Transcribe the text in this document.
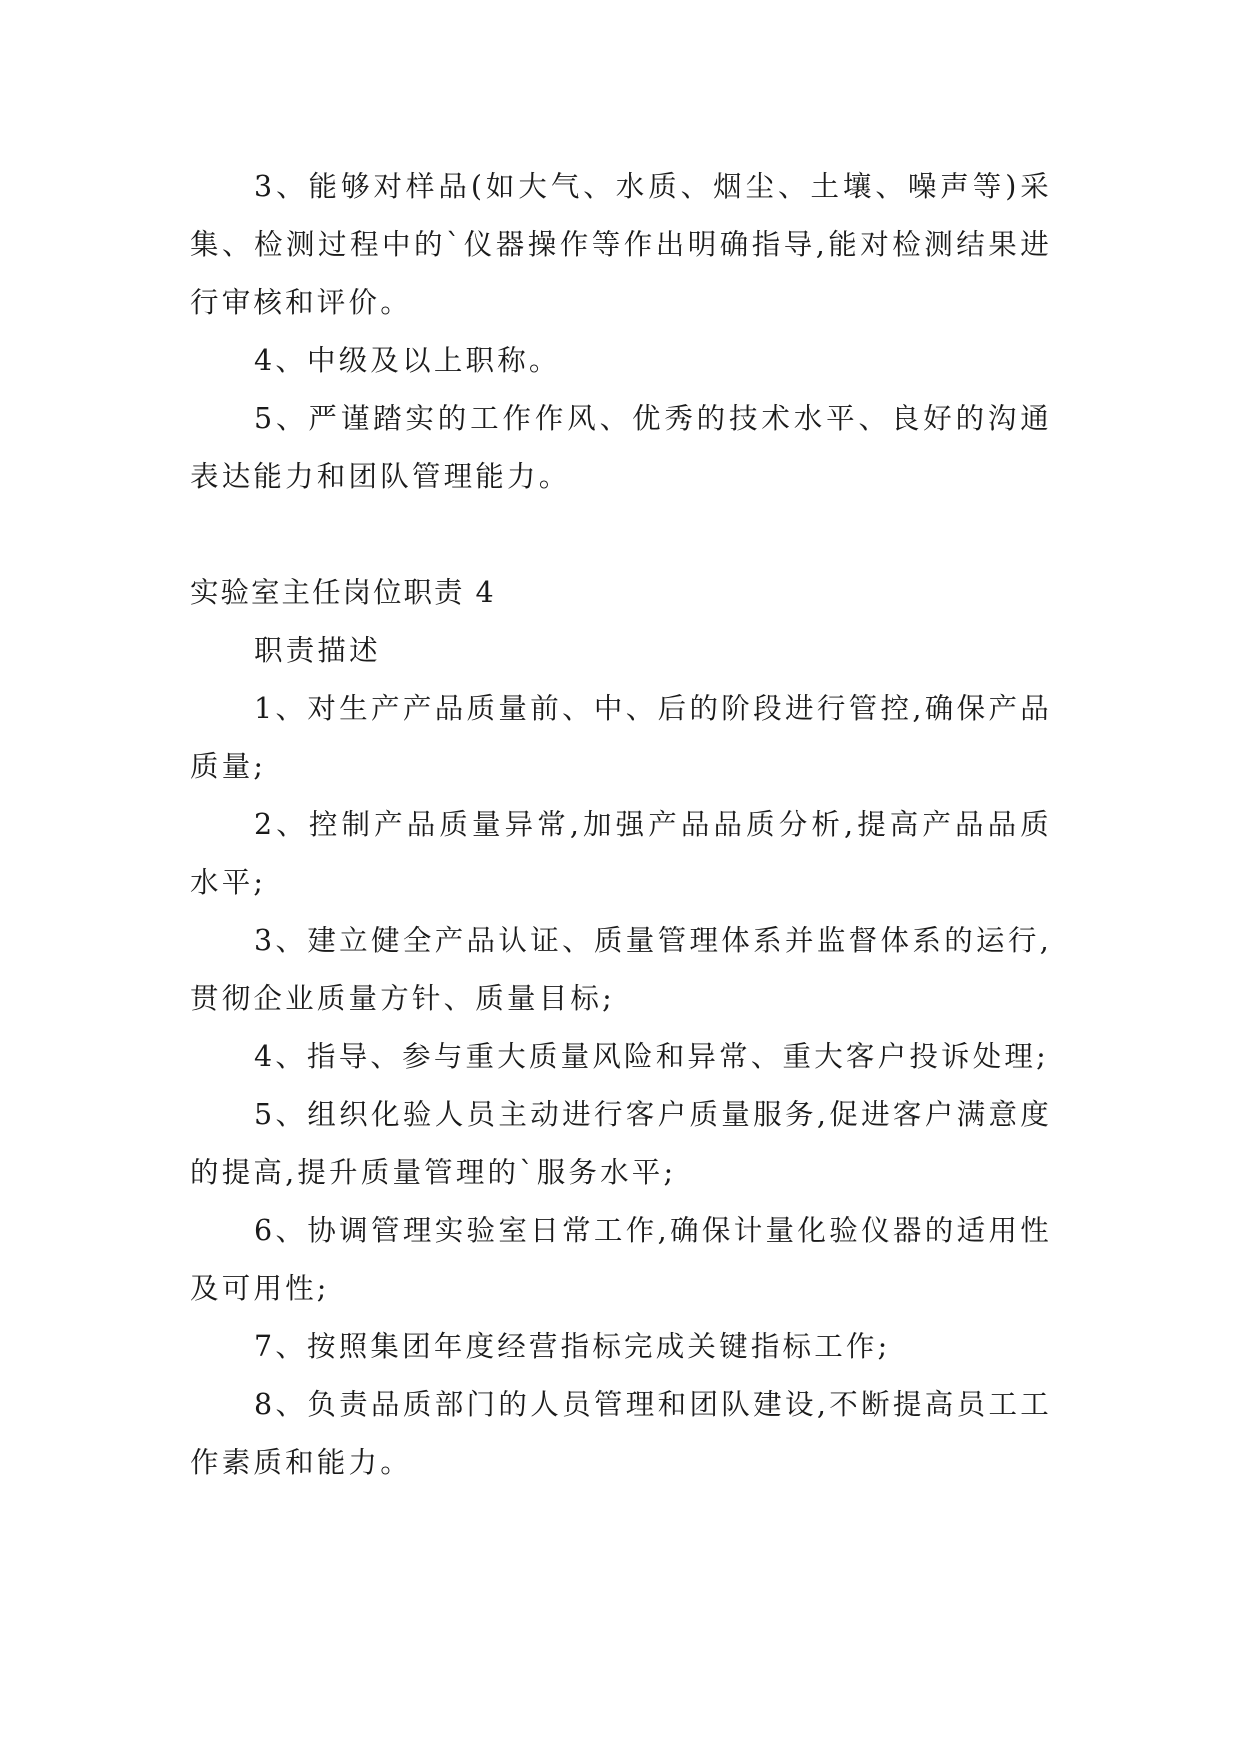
3、能够对样品(如大气、水质、烟尘、土壤、噪声等)采集、检测过程中的`仪器操作等作出明确指导,能对检测结果进行审核和评价。

4、中级及以上职称。

5、严谨踏实的工作作风、优秀的技术水平、良好的沟通表达能力和团队管理能力。

实验室主任岗位职责 4

职责描述

1、对生产产品质量前、中、后的阶段进行管控,确保产品质量;

2、控制产品质量异常,加强产品品质分析,提高产品品质水平;

3、建立健全产品认证、质量管理体系并监督体系的运行,贯彻企业质量方针、质量目标;

4、指导、参与重大质量风险和异常、重大客户投诉处理;

5、组织化验人员主动进行客户质量服务,促进客户满意度的提高,提升质量管理的`服务水平;

6、协调管理实验室日常工作,确保计量化验仪器的适用性及可用性;

7、按照集团年度经营指标完成关键指标工作;

8、负责品质部门的人员管理和团队建设,不断提高员工工作素质和能力。
